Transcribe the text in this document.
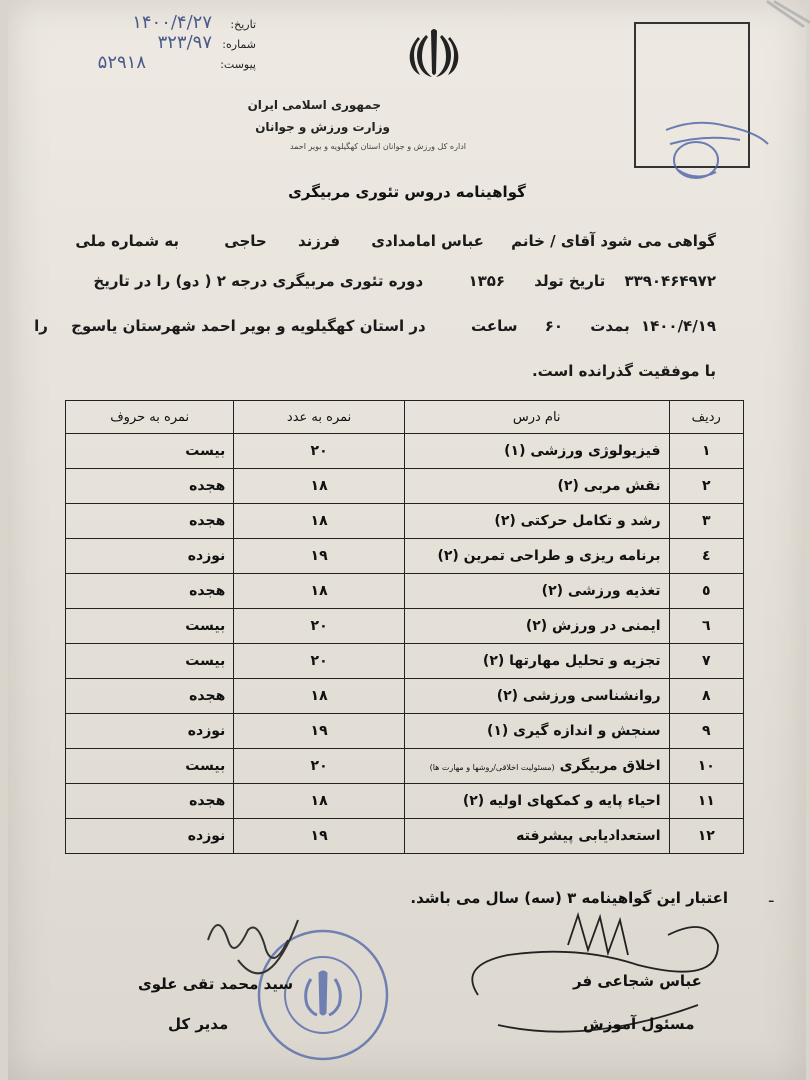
تاریخ:
۱۴۰۰/۴/۲۷
شماره:
۳۲۳/۹۷
پیوست:
۵۲۹۱۸
جمهوری اسلامی ایران
وزارت ورزش و جوانان
اداره کل ورزش و جوانان استان کهگیلویه و بویر احمد
گواهینامه دروس تئوری مربیگری
گواهی می شود آقای / خانم عباس امامدادی فرزند حاجی به شماره ملی
۳۳۹۰۴۶۴۹۷۲ تاریخ تولد ۱۳۵۶ دوره تئوری مربیگری درجه ۲ ( دو) را در تاریخ
۱۴۰۰/۴/۱۹ بمدت ۶۰ ساعت در استان کهگیلویه و بویر احمد شهرستان یاسوج را
با موفقیت گذرانده است.
ردیف	نام درس	نمره به عدد	نمره به حروف
۱	فیزیولوژی ورزشی (۱)	۲۰	بیست
۲	نقش مربی (۲)	۱۸	هجده
۳	رشد و تکامل حرکتی (۲)	۱۸	هجده
٤	برنامه ریزی و طراحی تمرین (۲)	۱۹	نوزده
٥	تغذیه ورزشی (۲)	۱۸	هجده
٦	ایمنی در ورزش (۲)	۲۰	بیست
۷	تجزیه و تحلیل مهارتها (۲)	۲۰	بیست
۸	روانشناسی ورزشی (۲)	۱۸	هجده
۹	سنجش و اندازه گیری (۱)	۱۹	نوزده
۱۰	اخلاق مربیگری (مسئولیت اخلاقی/روشها و مهارت ها)	۲۰	بیست
۱۱	احیاء پایه و کمکهای اولیه (۲)	۱۸	هجده
۱۲	استعدادیابی پیشرفته	۱۹	نوزده
اعتبار این گواهینامه ۳ (سه) سال می باشد. -
سید محمد تقی علوی
مدیر کل
عباس شجاعی فر
مسئول آموزش
